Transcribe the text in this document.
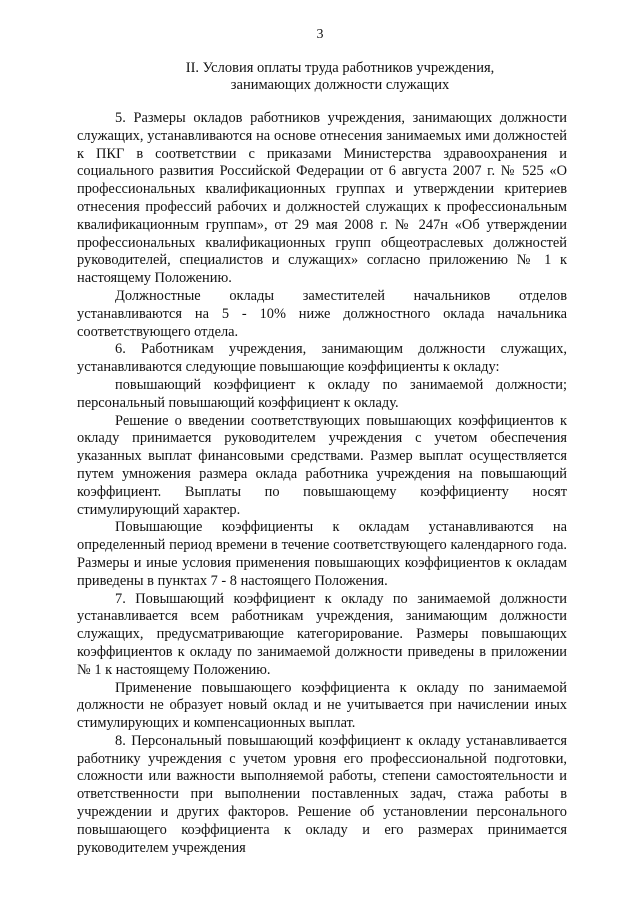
3
II. Условия оплаты труда работников учреждения,
занимающих должности служащих

5. Размеры окладов работников учреждения, занимающих должности служащих, устанавливаются на основе отнесения занимаемых ими должностей к ПКГ в соответствии с приказами Министерства здравоохранения и социального развития Российской Федерации от 6 августа 2007 г. № 525 «О профессиональных квалификационных группах и утверждении критериев отнесения профессий рабочих и должностей служащих к профессиональным квалификационным группам», от 29 мая 2008 г. № 247н «Об утверждении профессиональных квалификационных групп общеотраслевых должностей руководителей, специалистов и служащих» согласно приложению № 1 к настоящему Положению.

Должностные оклады заместителей начальников отделов устанавливаются на 5 - 10% ниже должностного оклада начальника соответствующего отдела.

6. Работникам учреждения, занимающим должности служащих, устанавливаются следующие повышающие коэффициенты к окладу:

повышающий коэффициент к окладу по занимаемой должности; персональный повышающий коэффициент к окладу.

Решение о введении соответствующих повышающих коэффициентов к окладу принимается руководителем учреждения с учетом обеспечения указанных выплат финансовыми средствами. Размер выплат осуществляется путем умножения размера оклада работника учреждения на повышающий коэффициент. Выплаты по повышающему коэффициенту носят стимулирующий характер.

Повышающие коэффициенты к окладам устанавливаются на определенный период времени в течение соответствующего календарного года. Размеры и иные условия применения повышающих коэффициентов к окладам приведены в пунктах 7 - 8 настоящего Положения.

7. Повышающий коэффициент к окладу по занимаемой должности устанавливается всем работникам учреждения, занимающим должности служащих, предусматривающие категорирование. Размеры повышающих коэффициентов к окладу по занимаемой должности приведены в приложении № 1 к настоящему Положению.

Применение повышающего коэффициента к окладу по занимаемой должности не образует новый оклад и не учитывается при начислении иных стимулирующих и компенсационных выплат.

8. Персональный повышающий коэффициент к окладу устанавливается работнику учреждения с учетом уровня его профессиональной подготовки, сложности или важности выполняемой работы, степени самостоятельности и ответственности при выполнении поставленных задач, стажа работы в учреждении и других факторов. Решение об установлении персонального повышающего коэффициента к окладу и его размерах принимается руководителем учреждения
